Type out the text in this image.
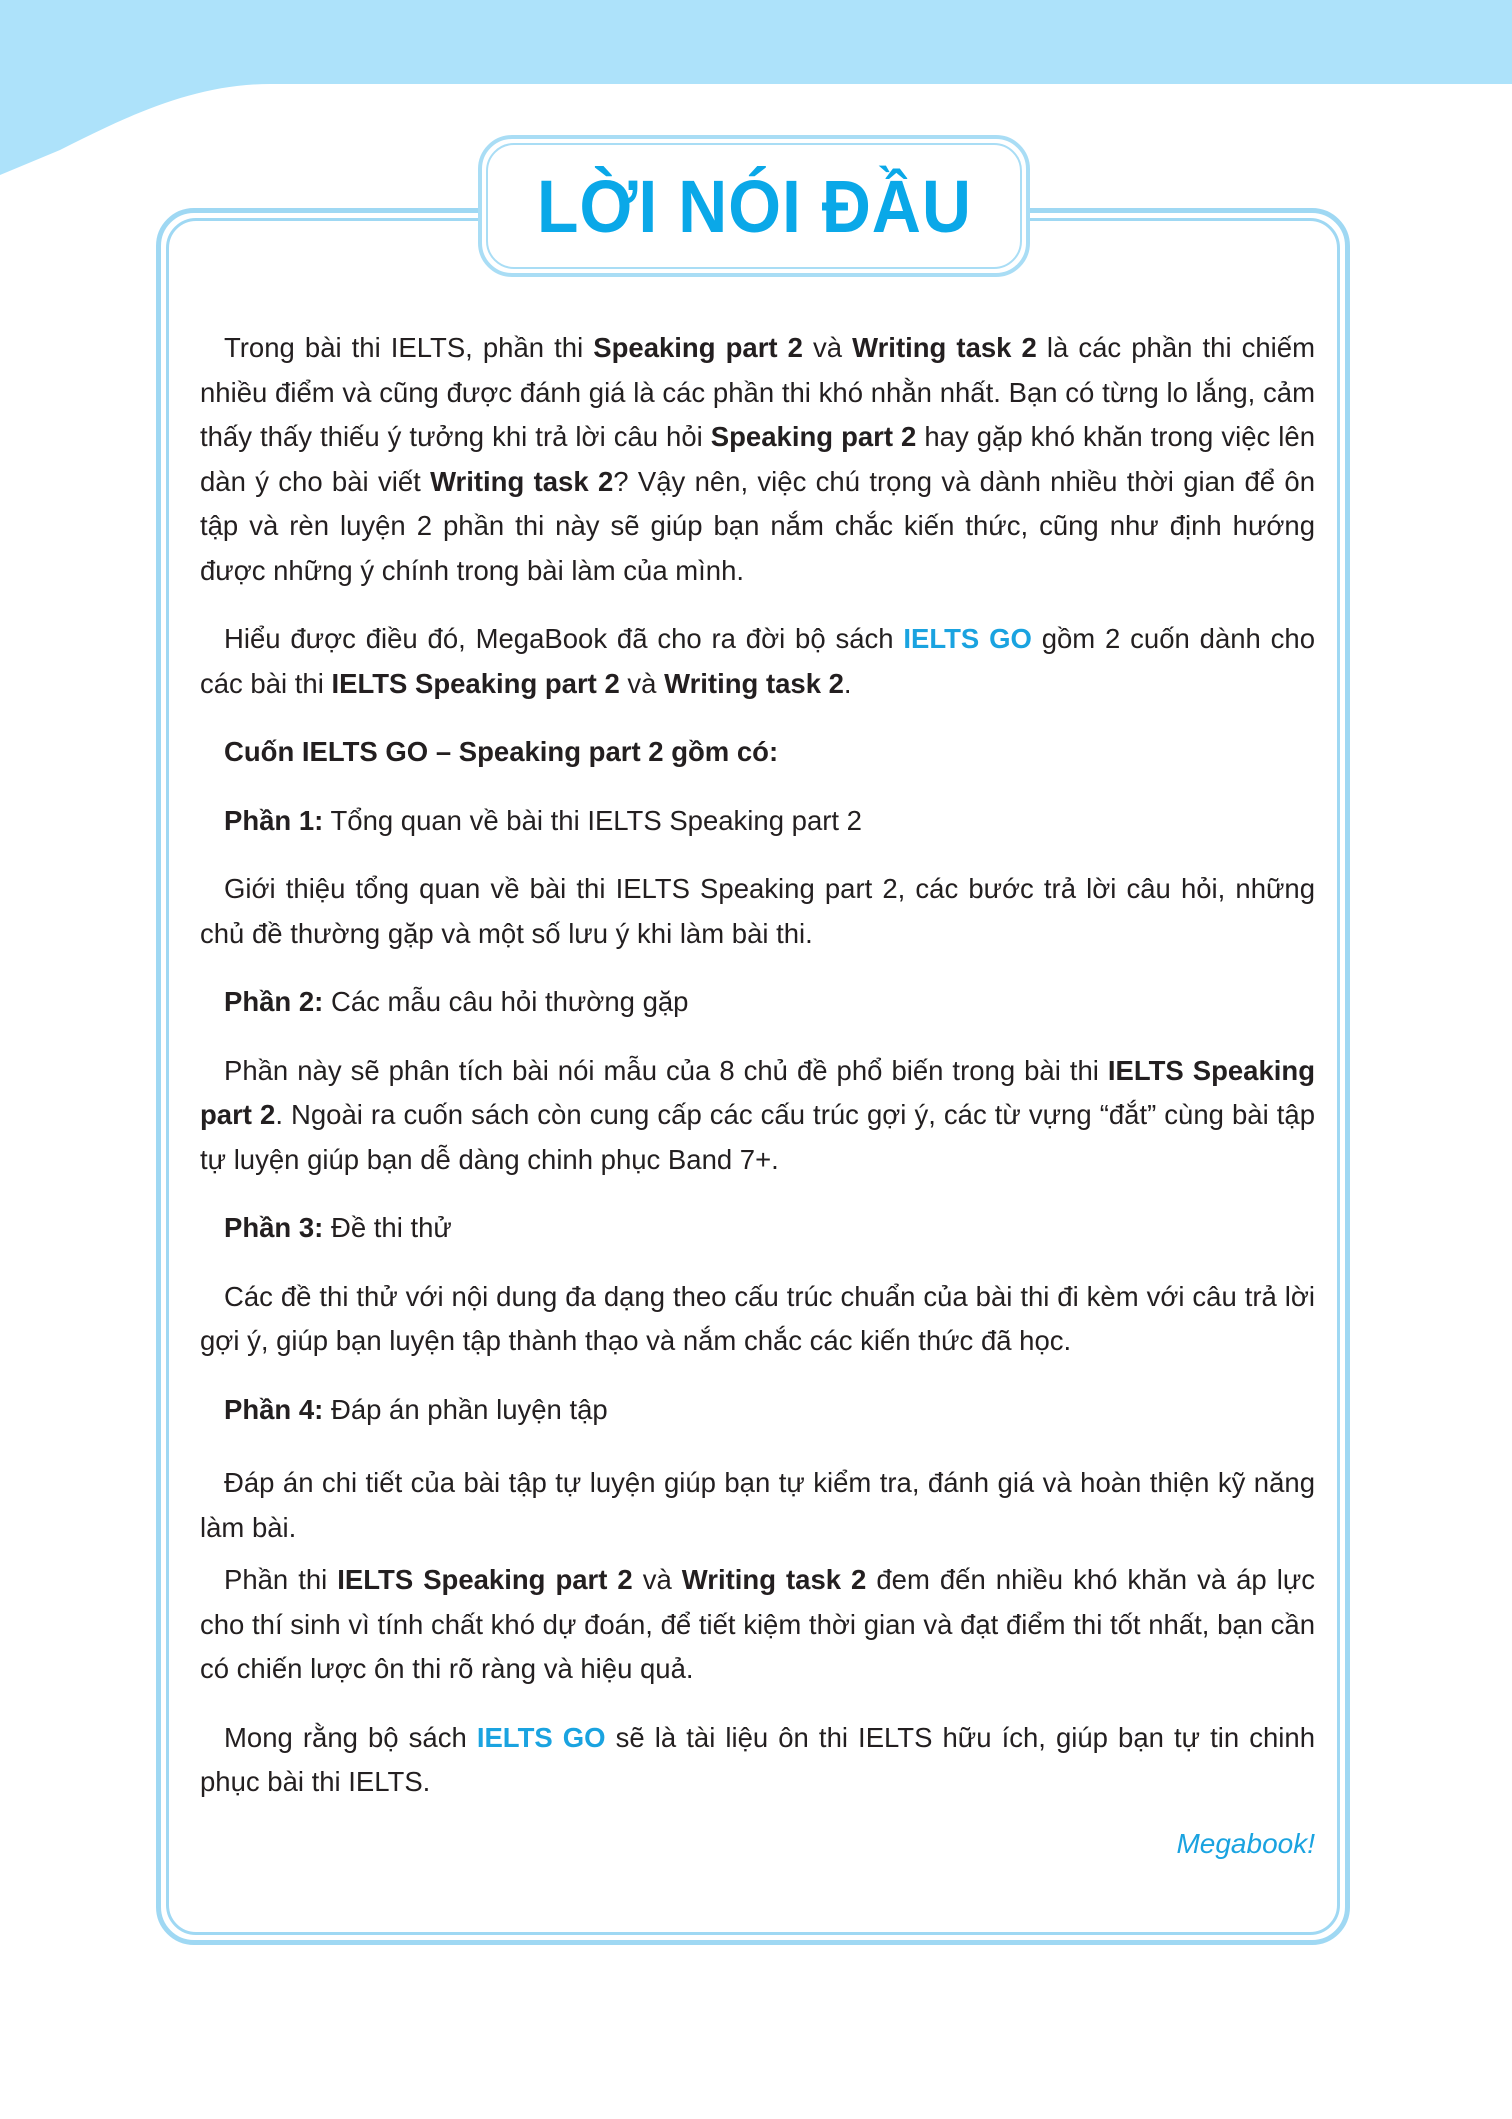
LỜI NÓI ĐẦU

Trong bài thi IELTS, phần thi Speaking part 2 và Writing task 2 là các phần thi chiếm nhiều điểm và cũng được đánh giá là các phần thi khó nhằn nhất. Bạn có từng lo lắng, cảm thấy thấy thiếu ý tưởng khi trả lời câu hỏi Speaking part 2 hay gặp khó khăn trong việc lên dàn ý cho bài viết Writing task 2? Vậy nên, việc chú trọng và dành nhiều thời gian để ôn tập và rèn luyện 2 phần thi này sẽ giúp bạn nắm chắc kiến thức, cũng như định hướng được những ý chính trong bài làm của mình.

Hiểu được điều đó, MegaBook đã cho ra đời bộ sách IELTS GO gồm 2 cuốn dành cho các bài thi IELTS Speaking part 2 và Writing task 2.

Cuốn IELTS GO – Speaking part 2 gồm có:

Phần 1: Tổng quan về bài thi IELTS Speaking part 2

Giới thiệu tổng quan về bài thi IELTS Speaking part 2, các bước trả lời câu hỏi, những chủ đề thường gặp và một số lưu ý khi làm bài thi.

Phần 2: Các mẫu câu hỏi thường gặp

Phần này sẽ phân tích bài nói mẫu của 8 chủ đề phổ biến trong bài thi IELTS Speaking part 2. Ngoài ra cuốn sách còn cung cấp các cấu trúc gợi ý, các từ vựng “đắt” cùng bài tập tự luyện giúp bạn dễ dàng chinh phục Band 7+.

Phần 3: Đề thi thử

Các đề thi thử với nội dung đa dạng theo cấu trúc chuẩn của bài thi đi kèm với câu trả lời gợi ý, giúp bạn luyện tập thành thạo và nắm chắc các kiến thức đã học.

Phần 4: Đáp án phần luyện tập

Đáp án chi tiết của bài tập tự luyện giúp bạn tự kiểm tra, đánh giá và hoàn thiện kỹ năng làm bài.

Phần thi IELTS Speaking part 2 và Writing task 2 đem đến nhiều khó khăn và áp lực cho thí sinh vì tính chất khó dự đoán, để tiết kiệm thời gian và đạt điểm thi tốt nhất, bạn cần có chiến lược ôn thi rõ ràng và hiệu quả.

Mong rằng bộ sách IELTS GO sẽ là tài liệu ôn thi IELTS hữu ích, giúp bạn tự tin chinh phục bài thi IELTS.

Megabook!
